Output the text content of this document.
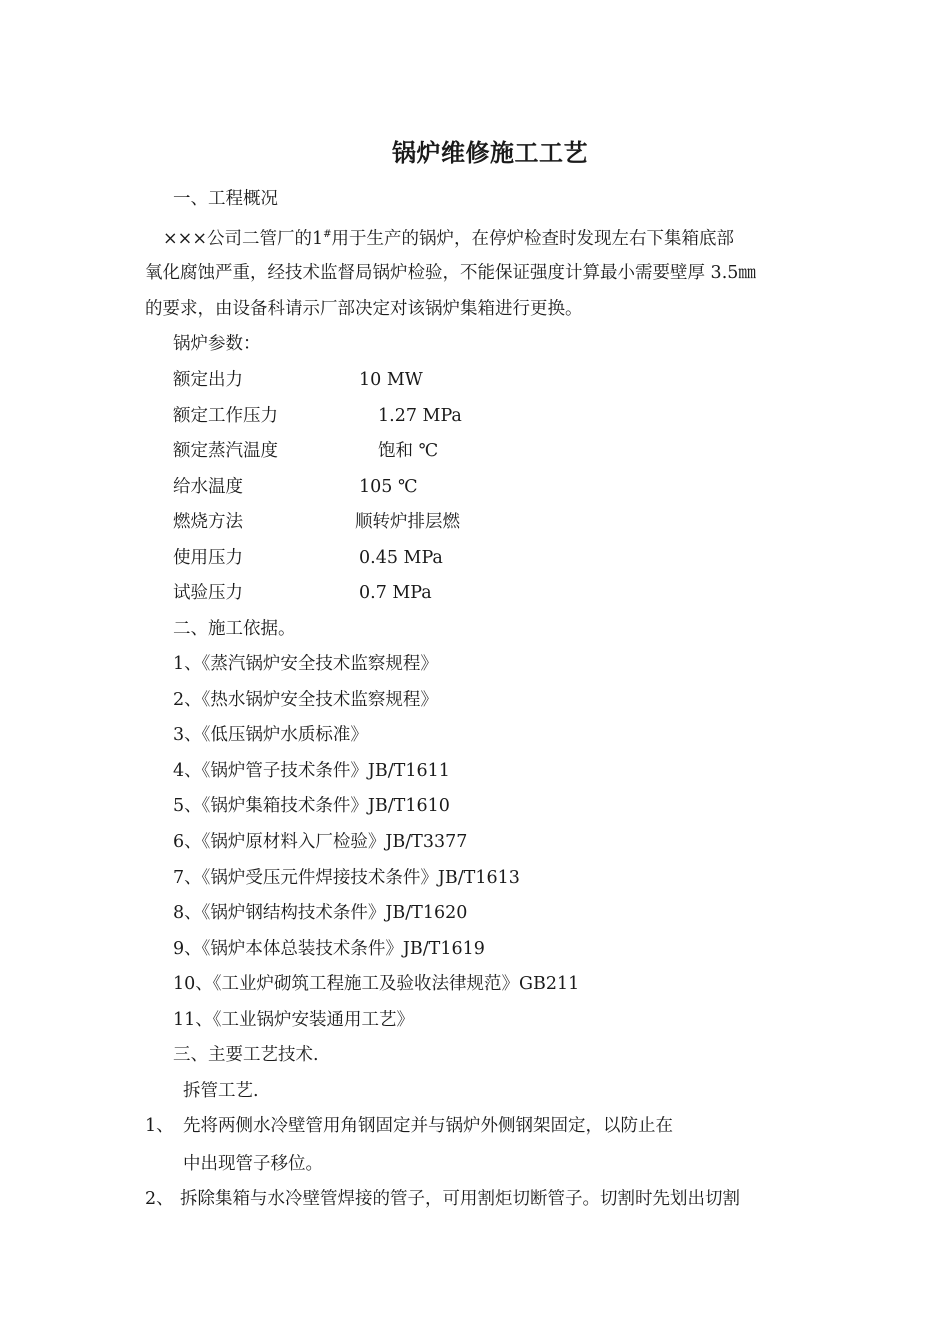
锅炉维修施工工艺
一、工程概况
×××公司二管厂的1#用于生产的锅炉，在停炉检查时发现左右下集箱底部
氧化腐蚀严重，经技术监督局锅炉检验，不能保证强度计算最小需要壁厚 3.5㎜
的要求，由设备科请示厂部决定对该锅炉集箱进行更换。
锅炉参数：
额定出力	10 MW
额定工作压力	1.27 MPa
额定蒸汽温度	饱和 ℃
给水温度	105 ℃
燃烧方法	顺转炉排层燃
使用压力	0.45 MPa
试验压力	0.7 MPa
二、施工依据。
1、《蒸汽锅炉安全技术监察规程》
2、《热水锅炉安全技术监察规程》
3、《低压锅炉水质标准》
4、《锅炉管子技术条件》JB/T1611
5、《锅炉集箱技术条件》JB/T1610
6、《锅炉原材料入厂检验》JB/T3377
7、《锅炉受压元件焊接技术条件》JB/T1613
8、《锅炉钢结构技术条件》JB/T1620
9、《锅炉本体总装技术条件》JB/T1619
10、《工业炉砌筑工程施工及验收法律规范》GB211
11、《工业锅炉安装通用工艺》
三、主要工艺技术.
拆管工艺.
1、 先将两侧水冷壁管用角钢固定并与锅炉外侧钢架固定，以防止在
中出现管子移位。
2、 拆除集箱与水冷壁管焊接的管子，可用割炬切断管子。切割时先划出切割
